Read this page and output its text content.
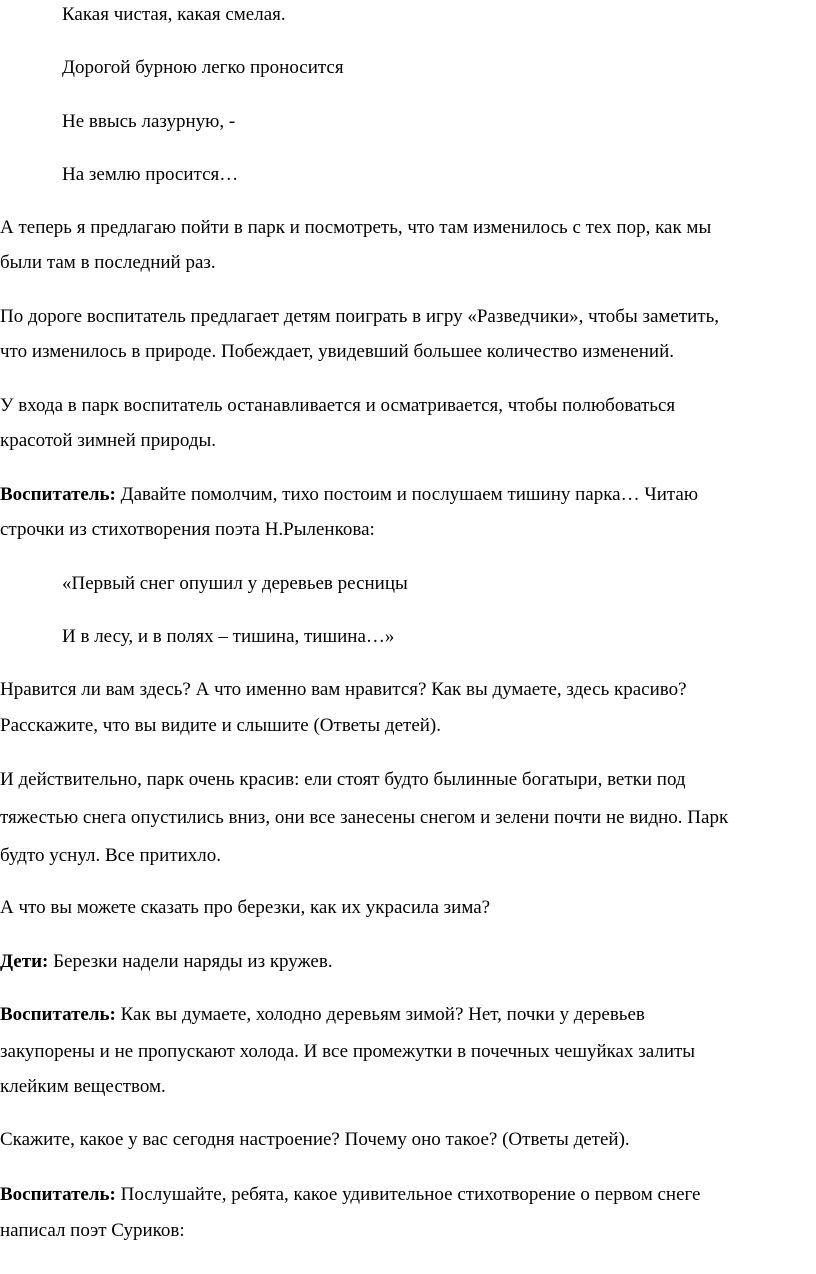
Какая чистая, какая смелая.
Дорогой бурною легко проносится
Не ввысь лазурную, -
На землю просится…
А теперь я предлагаю пойти в парк и посмотреть, что там изменилось с тех пор, как мы
были там в последний раз.
По дороге воспитатель предлагает детям поиграть в игру «Разведчики», чтобы заметить,
что изменилось в природе. Побеждает, увидевший большее количество изменений.
У входа в парк воспитатель останавливается и осматривается, чтобы полюбоваться
красотой зимней природы.
Воспитатель: Давайте помолчим, тихо постоим и послушаем тишину парка… Читаю
строчки из стихотворения поэта Н.Рыленкова:
«Первый снег опушил у деревьев ресницы
И в лесу, и в полях – тишина, тишина…»
Нравится ли вам здесь? А что именно вам нравится? Как вы думаете, здесь красиво?
Расскажите, что вы видите и слышите (Ответы детей).
И действительно, парк очень красив: ели стоят будто былинные богатыри, ветки под
тяжестью снега опустились вниз, они все занесены снегом и зелени почти не видно. Парк
будто уснул. Все притихло.
А что вы можете сказать про березки, как их украсила зима?
Дети: Березки надели наряды из кружев.
Воспитатель: Как вы думаете, холодно деревьям зимой? Нет, почки у деревьев
закупорены и не пропускают холода. И все промежутки в почечных чешуйках залиты
клейким веществом.
Скажите, какое у вас сегодня настроение? Почему оно такое? (Ответы детей).
Воспитатель: Послушайте, ребята, какое удивительное стихотворение о первом снеге
написал поэт Суриков:
